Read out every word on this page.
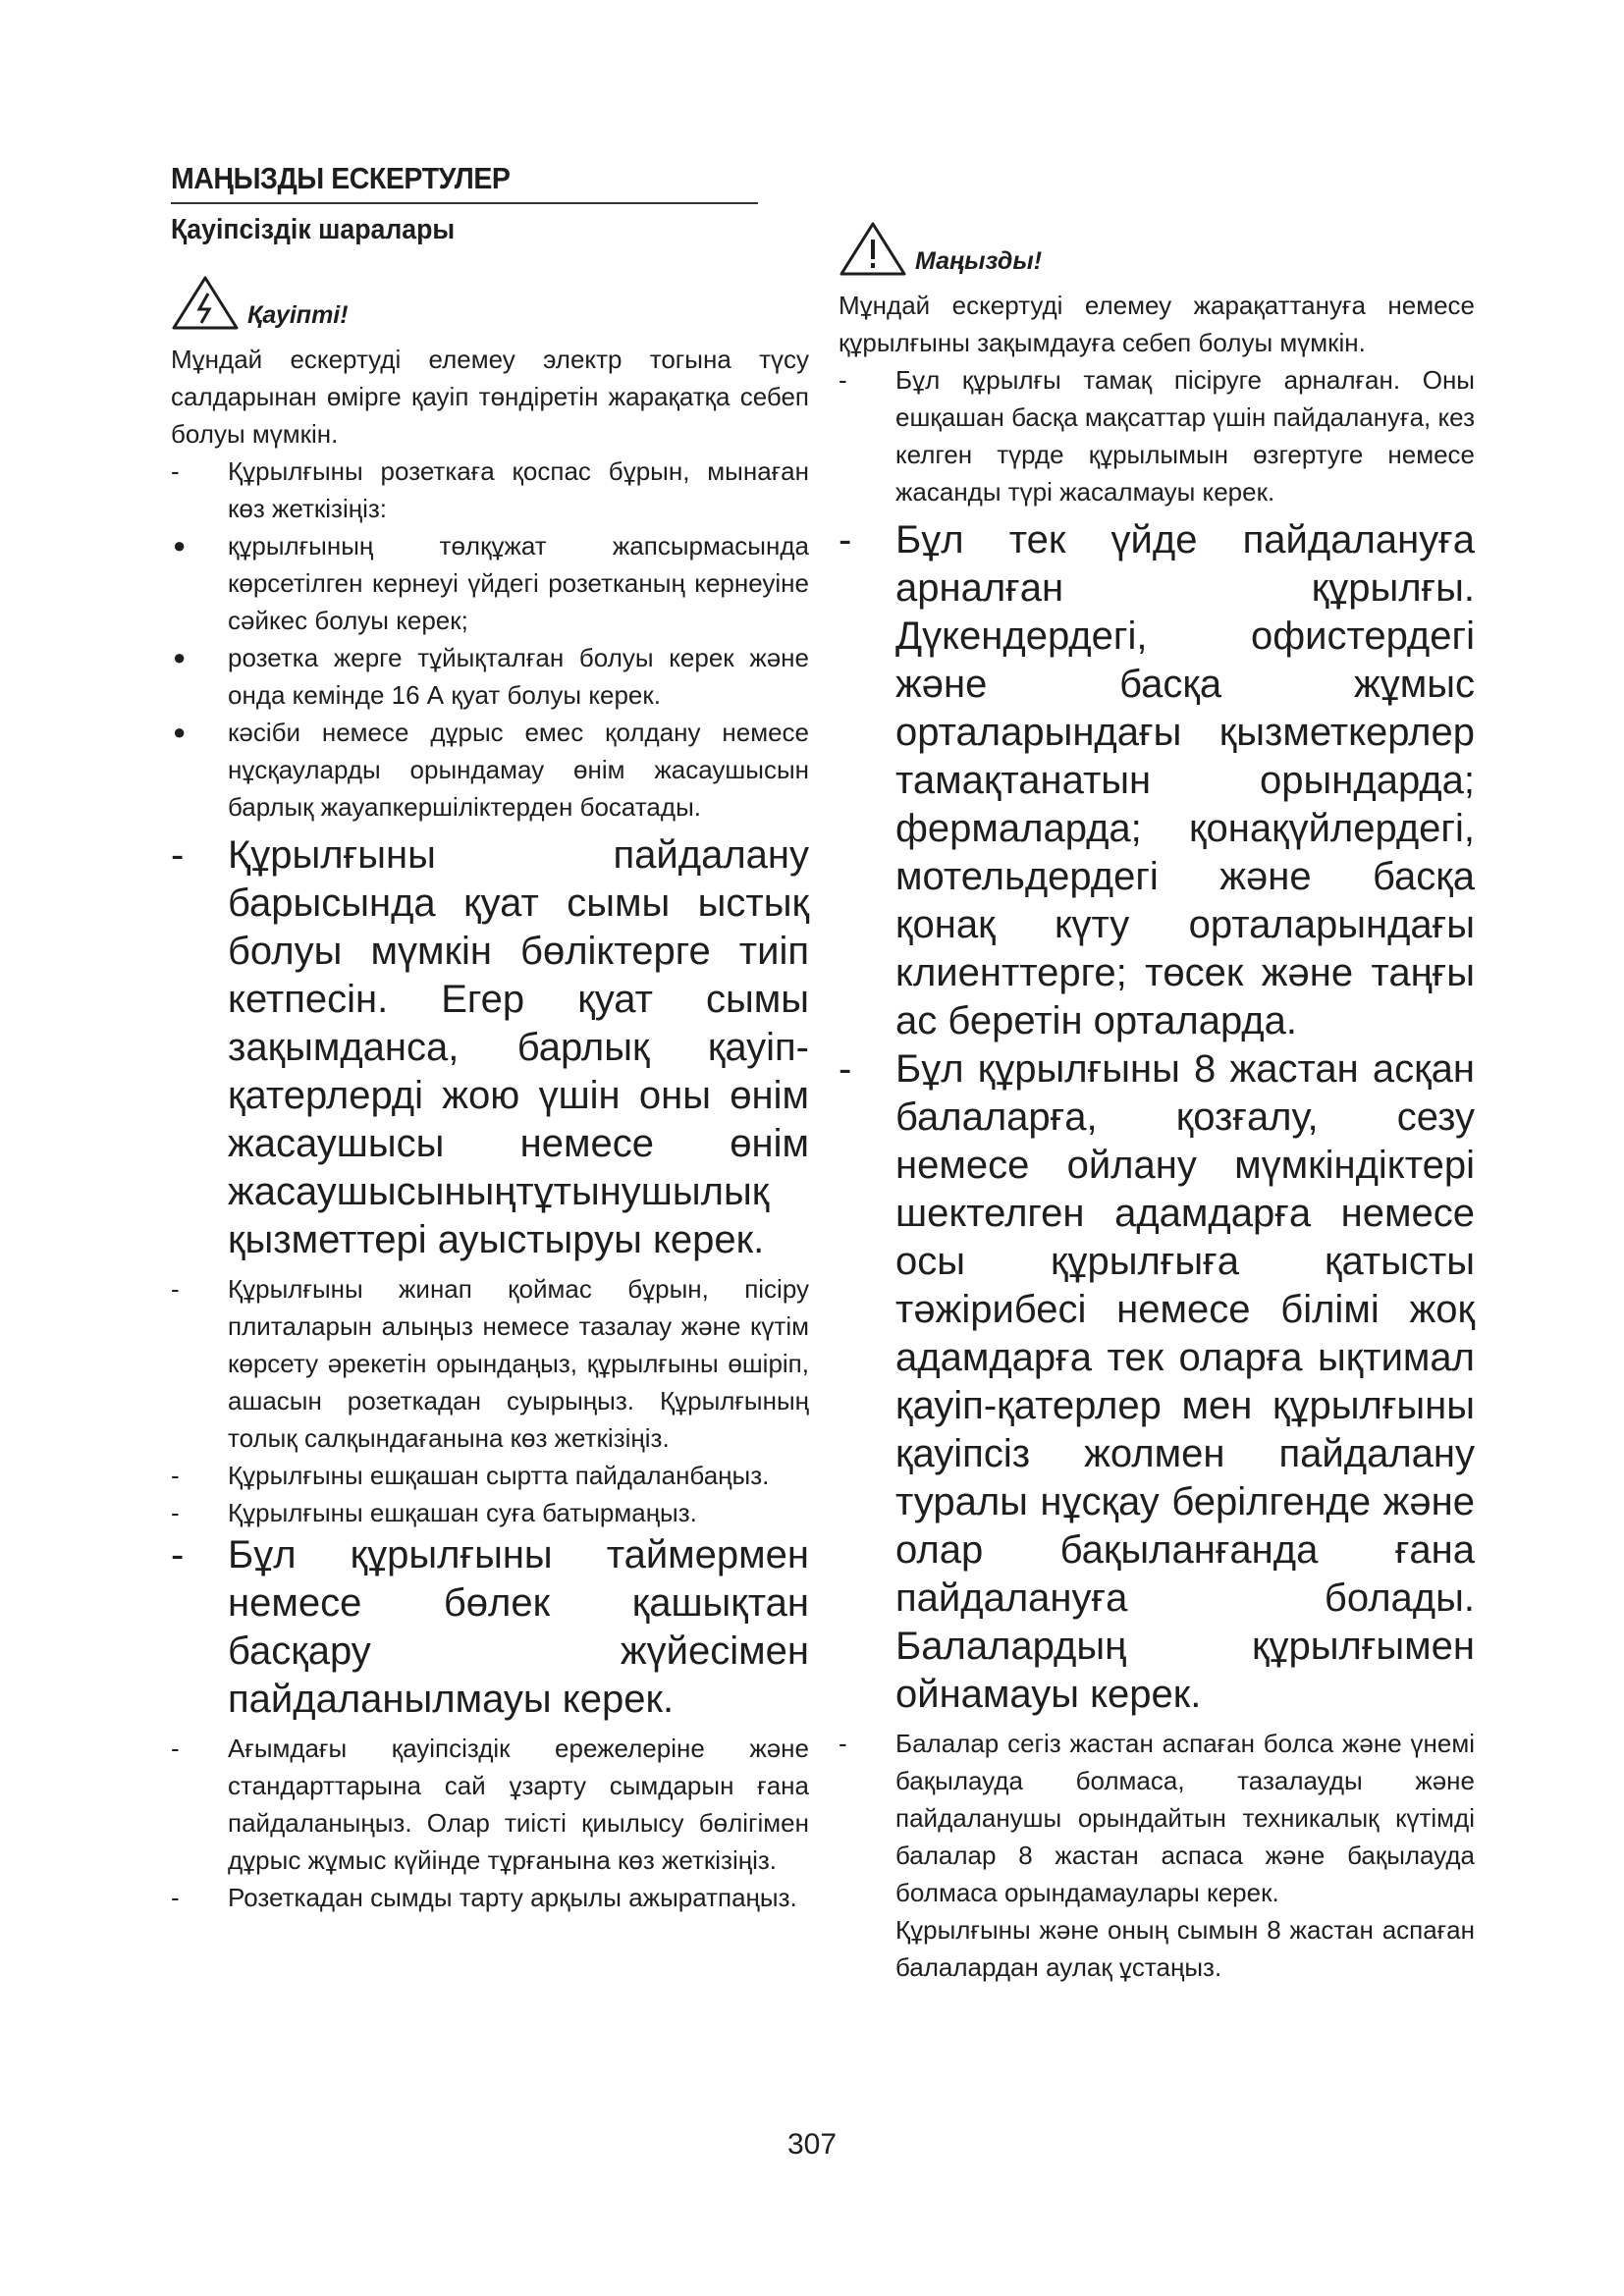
МАҢЫЗДЫ ЕСКЕРТУЛЕР
Қауіпсіздік шаралары
Қауіпті!

Мұндай ескертуді елемеу электр тогына түсу салдарынан өмірге қауіп төндіретін жарақатқа себеп болуы мүмкін.

- Құрылғыны розеткаға қоспас бұрын, мынаған көз жеткізіңіз:
● құрылғының төлқұжат жапсырмасында көрсетілген кернеуі үйдегі розетканың кернеуіне сәйкес болуы керек;
● розетка жерге тұйықталған болуы керек және онда кемінде 16 А қуат болуы керек.
● кәсіби немесе дұрыс емес қолдану немесе нұсқауларды орындамау өнім жасаушысын барлық жауапкершіліктерден босатады.
- Құрылғыны пайдалану барысында қуат сымы ыстық болуы мүмкін бөліктерге тиіп кетпесін. Егер қуат сымы зақымданса, барлық қауіп-қатерлерді жою үшін оны өнім жасаушысы немесе өнім жасаушысыныңтұтынушылық қызметтері ауыстыруы керек.
- Құрылғыны жинап қоймас бұрын, пісіру плиталарын алыңыз немесе тазалау және күтім көрсету әрекетін орындаңыз, құрылғыны өшіріп, ашасын розеткадан суырыңыз. Құрылғының толық салқындағанына көз жеткізіңіз.
- Құрылғыны ешқашан сыртта пайдаланбаңыз.
- Құрылғыны ешқашан суға батырмаңыз.
- Бұл құрылғыны таймермен немесе бөлек қашықтан басқару жүйесімен пайдаланылмауы керек.
- Ағымдағы қауіпсіздік ережелеріне және стандарттарына сай ұзарту сымдарын ғана пайдаланыңыз. Олар тиісті қиылысу бөлігімен дұрыс жұмыс күйінде тұрғанына көз жеткізіңіз.
- Розеткадан сымды тарту арқылы ажыратпаңыз.
Маңызды!

Мұндай ескертуді елемеу жарақаттануға немесе құрылғыны зақымдауға себеп болуы мүмкін.

- Бұл құрылғы тамақ пісіруге арналған. Оны ешқашан басқа мақсаттар үшін пайдалануға, кез келген түрде құрылымын өзгертуге немесе жасанды түрі жасалмауы керек.
- Бұл тек үйде пайдалануға арналған құрылғы. Дүкендердегі, офистердегі және басқа жұмыс орталарындағы қызметкерлер тамақтанатын орындарда; фермаларда; қонақүйлердегі, мотельдердегі және басқа қонақ күту орталарындағы клиенттерге; төсек және таңғы ас беретін орталарда.
- Бұл құрылғыны 8 жастан асқан балаларға, қозғалу, сезу немесе ойлану мүмкіндіктері шектелген адамдарға немесе осы құрылғыға қатысты тәжірибесі немесе білімі жоқ адамдарға тек оларға ықтимал қауіп-қатерлер мен құрылғыны қауіпсіз жолмен пайдалану туралы нұсқау берілгенде және олар бақыланғанда ғана пайдалануға болады. Балалардың құрылғымен ойнамауы керек.
- Балалар сегіз жастан аспаған болса және үнемі бақылауда болмаса, тазалауды және пайдаланушы орындайтын техникалық күтімді балалар 8 жастан аспаса және бақылауда болмаса орындамаулары керек.

Құрылғыны және оның сымын 8 жастан аспаған балалардан аулақ ұстаңыз.

307
